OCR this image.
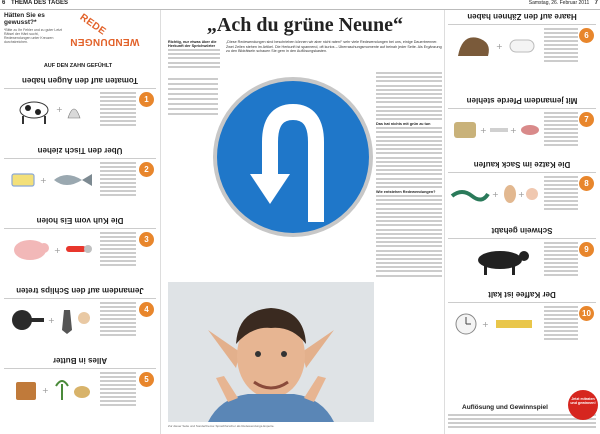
6 THEMA DES TAGES	Samstag, 26. Februar 2011 7
Hätten Sie es gewusst?*
*Bitte zu Ihr Fehler und zu guter Letzt Rätsel der Hänt sucht, Redewendungen unter Kreuzen durchstreichen.
REDE
WENDUNGEN
AUF DEN ZAHN GEFÜHLT
Tomaten auf den Augen haben
+
1
Über den Tisch ziehen
+
2
Die Kuh vom Eis holen
+
3
Jemandem auf den Schlips treten
+
4
Alles in Butter
+
5
„Ach du grüne Neune“
Richtig, nur etwas über die Herkunft der Sprichwörter
„Diese Redewendungen sind beschrieben können wir aber nicht raten!“ sehr viele Redewendungen bei uns, einige Dauerbrenner. Zwei Zeilen stehen im Artikel. Die Herkunft ist spannend, oft kurios – Überraschungsmomente auf beinah jeder Seite. Als Ergänzung zu den Bildrätseln schauen Sie gern in den Auflösungskasten.
Das hat nichts mit grün zu tun
Wie entstehen Redewendungen?
Zur dieser Seite und Sonderthema: Sprachforscher als Redewendungs-Experte.
Haare auf den Zähnen haben
+
6
Mit jemandem Pferde stehlen
+	+
7
Die Katze im Sack kaufen
+ +
8
Schwein gehabt
9
Der Kaffee ist kalt
+
10
Auflösung und Gewinnspiel
Jetzt mitraten und gewinnen!
